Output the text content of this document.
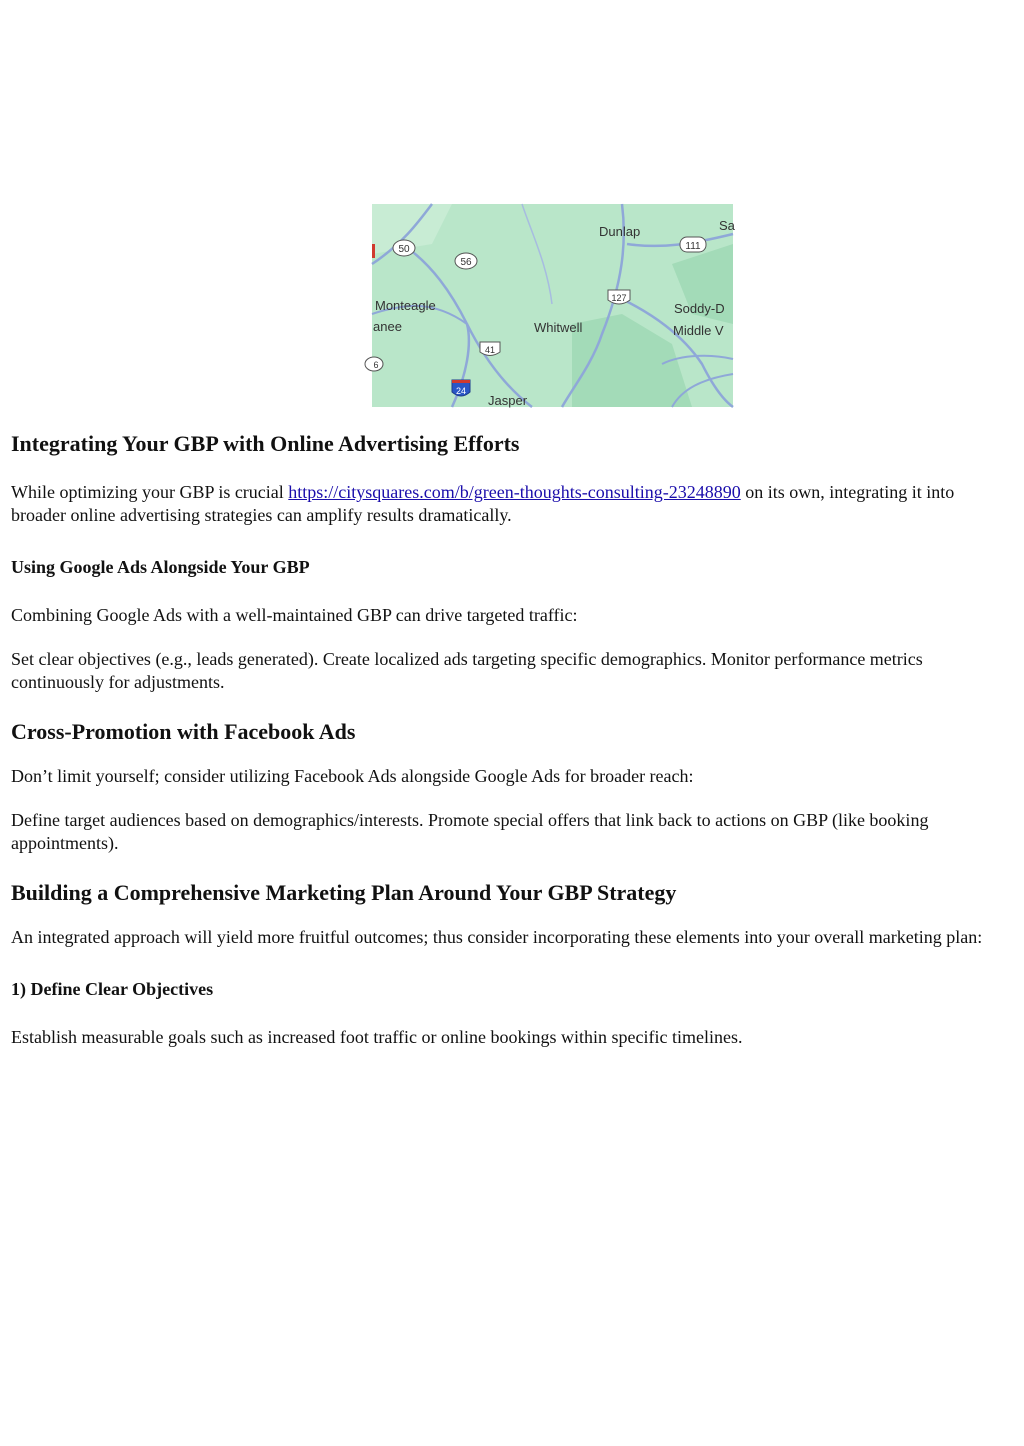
50
56
111
127
41
24
6
Dunlap	Sa
Monteagle
anee	Whitwell
Soddy-D
Middle V
Jasper
Integrating Your GBP with Online Advertising Efforts

While optimizing your GBP is crucial https://citysquares.com/b/green-thoughts-consulting-23248890 on its own, integrating it into broader online advertising strategies can amplify results dramatically.

Using Google Ads Alongside Your GBP

Combining Google Ads with a well-maintained GBP can drive targeted traffic:

Set clear objectives (e.g., leads generated). Create localized ads targeting specific demographics. Monitor performance metrics continuously for adjustments.

Cross-Promotion with Facebook Ads

Don’t limit yourself; consider utilizing Facebook Ads alongside Google Ads for broader reach:

Define target audiences based on demographics/interests. Promote special offers that link back to actions on GBP (like booking appointments).

Building a Comprehensive Marketing Plan Around Your GBP Strategy

An integrated approach will yield more fruitful outcomes; thus consider incorporating these elements into your overall marketing plan:

1) Define Clear Objectives

Establish measurable goals such as increased foot traffic or online bookings within specific timelines.
